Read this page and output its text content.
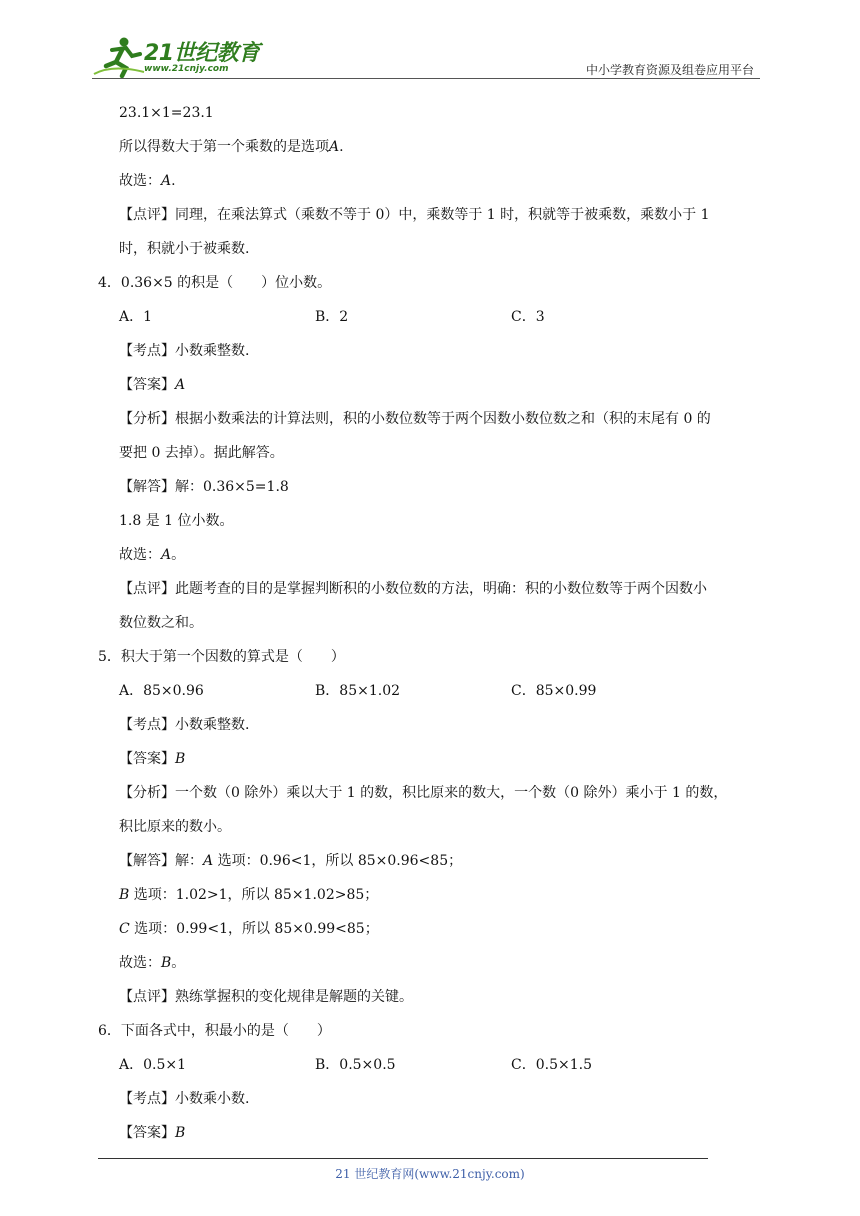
21世纪教育
www.21cnjy.com	中小学教育资源及组卷应用平台
23.1×1=23.1
所以得数大于第一个乘数的是选项A.
故选：A.
【点评】同理，在乘法算式（乘数不等于 0）中，乘数等于 1 时，积就等于被乘数，乘数小于 1
时，积就小于被乘数.
4．0.36×5 的积是（　　）位小数。
A．1	B．2	C．3
【考点】小数乘整数.
【答案】A
【分析】根据小数乘法的计算法则，积的小数位数等于两个因数小数位数之和（积的末尾有 0 的
要把 0 去掉）。据此解答。
【解答】解：0.36×5=1.8
1.8 是 1 位小数。
故选：A。
【点评】此题考查的目的是掌握判断积的小数位数的方法，明确：积的小数位数等于两个因数小
数位数之和。
5．积大于第一个因数的算式是（　　）
A．85×0.96	B．85×1.02	C．85×0.99
【考点】小数乘整数.
【答案】B
【分析】一个数（0 除外）乘以大于 1 的数，积比原来的数大，一个数（0 除外）乘小于 1 的数，
积比原来的数小。
【解答】解：A 选项：0.96<1，所以 85×0.96<85；
B 选项：1.02>1，所以 85×1.02>85；
C 选项：0.99<1，所以 85×0.99<85；
故选：B。
【点评】熟练掌握积的变化规律是解题的关键。
6．下面各式中，积最小的是（　　）
A．0.5×1	B．0.5×0.5	C．0.5×1.5
【考点】小数乘小数.
【答案】B
21 世纪教育网(www.21cnjy.com)
